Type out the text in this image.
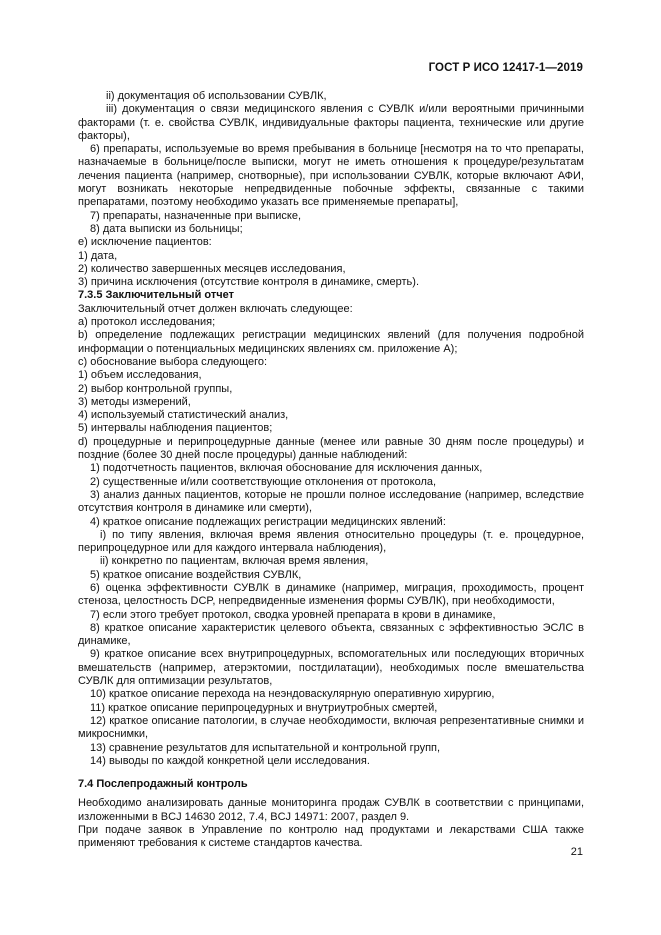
ГОСТ Р ИСО 12417-1—2019

ii) документация об использовании СУВЛК,

iii) документация о связи медицинского явления с СУВЛК и/или вероятными причинными факторами (т. е. свойства СУВЛК, индивидуальные факторы пациента, технические или другие факторы),

6) препараты, используемые во время пребывания в больнице [несмотря на то что препараты, назначаемые в больнице/после выписки, могут не иметь отношения к процедуре/результатам лечения пациента (например, снотворные), при использовании СУВЛК, которые включают АФИ, могут возникать некоторые непредвиденные побочные эффекты, связанные с такими препаратами, поэтому необходимо указать все применяемые препараты],

7) препараты, назначенные при выписке,

8) дата выписки из больницы;

e) исключение пациентов:

1) дата,

2) количество завершенных месяцев исследования,

3) причина исключения (отсутствие контроля в динамике, смерть).

7.3.5 Заключительный отчет

Заключительный отчет должен включать следующее:

a) протокол исследования;

b) определение подлежащих регистрации медицинских явлений (для получения подробной информации о потенциальных медицинских явлениях см. приложение А);

c) обоснование выбора следующего:

1) объем исследования,

2) выбор контрольной группы,

3) методы измерений,

4) используемый статистический анализ,

5) интервалы наблюдения пациентов;

d) процедурные и перипроцедурные данные (менее или равные 30 дням после процедуры) и поздние (более 30 дней после процедуры) данные наблюдений:

1) подотчетность пациентов, включая обоснование для исключения данных,

2) существенные и/или соответствующие отклонения от протокола,

3) анализ данных пациентов, которые не прошли полное исследование (например, вследствие отсутствия контроля в динамике или смерти),

4) краткое описание подлежащих регистрации медицинских явлений:

i) по типу явления, включая время явления относительно процедуры (т. е. процедурное, перипроцедурное или для каждого интервала наблюдения),

ii) конкретно по пациентам, включая время явления,

5) краткое описание воздействия СУВЛК,

6) оценка эффективности СУВЛК в динамике (например, миграция, проходимость, процент стеноза, целостность DCP, непредвиденные изменения формы СУВЛК), при необходимости,

7) если этого требует протокол, сводка уровней препарата в крови в динамике,

8) краткое описание характеристик целевого объекта, связанных с эффективностью ЭСЛС в динамике,

9) краткое описание всех внутрипроцедурных, вспомогательных или последующих вторичных вмешательств (например, атерэктомии, постдилатации), необходимых после вмешательства СУВЛК для оптимизации результатов,

10) краткое описание перехода на неэндоваскулярную оперативную хирургию,

11) краткое описание перипроцедурных и внутриутробных смертей,

12) краткое описание патологии, в случае необходимости, включая репрезентативные снимки и микроснимки,

13) сравнение результатов для испытательной и контрольной групп,

14) выводы по каждой конкретной цели исследования.

7.4 Послепродажный контроль

Необходимо анализировать данные мониторинга продаж СУВЛК в соответствии с принципами, изложенными в BCJ 14630 2012, 7.4, BCJ 14971: 2007, раздел 9.

При подаче заявок в Управление по контролю над продуктами и лекарствами США также применяют требования к системе стандартов качества.

21
